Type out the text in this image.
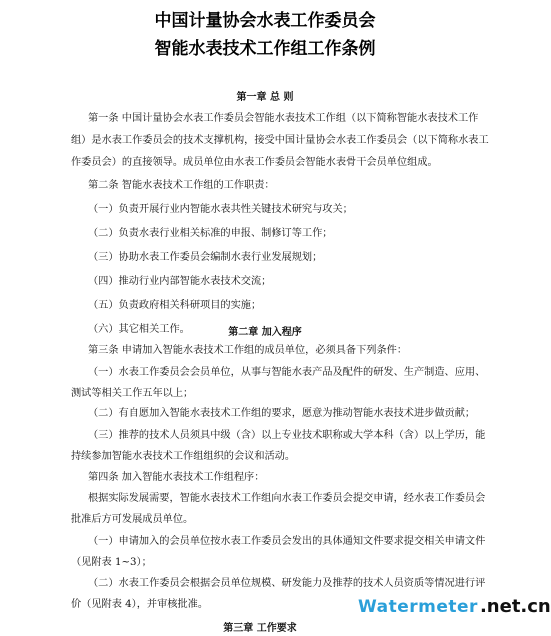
中国计量协会水表工作委员会
智能水表技术工作组工作条例
第一章 总 则
第一条 中国计量协会水表工作委员会智能水表技术工作组（以下简称智能水表技术工作
组）是水表工作委员会的技术支撑机构，接受中国计量协会水表工作委员会（以下简称水表工
作委员会）的直接领导。成员单位由水表工作委员会智能水表骨干会员单位组成。
第二条 智能水表技术工作组的工作职责：
（一）负责开展行业内智能水表共性关键技术研究与攻关；
（二）负责水表行业相关标准的申报、制修订等工作；
（三）协助水表工作委员会编制水表行业发展规划；
（四）推动行业内部智能水表技术交流；
（五）负责政府相关科研项目的实施；
（六）其它相关工作。	第二章 加入程序
第三条 申请加入智能水表技术工作组的成员单位，必须具备下列条件：
（一）水表工作委员会会员单位，从事与智能水表产品及配件的研发、生产制造、应用、
测试等相关工作五年以上；
（二）有自愿加入智能水表技术工作组的要求，愿意为推动智能水表技术进步做贡献；
（三）推荐的技术人员须具中级（含）以上专业技术职称或大学本科（含）以上学历，能
持续参加智能水表技术工作组组织的会议和活动。
第四条 加入智能水表技术工作组程序：
根据实际发展需要，智能水表技术工作组向水表工作委员会提交申请，经水表工作委员会
批准后方可发展成员单位。
（一）申请加入的会员单位按水表工作委员会发出的具体通知文件要求提交相关申请文件
（见附表 1~3）；
（二）水表工作委员会根据会员单位规模、研发能力及推荐的技术人员资质等情况进行评
价（见附表 4），并审核批准。
第三章 工作要求
Watermeter .net.cn
